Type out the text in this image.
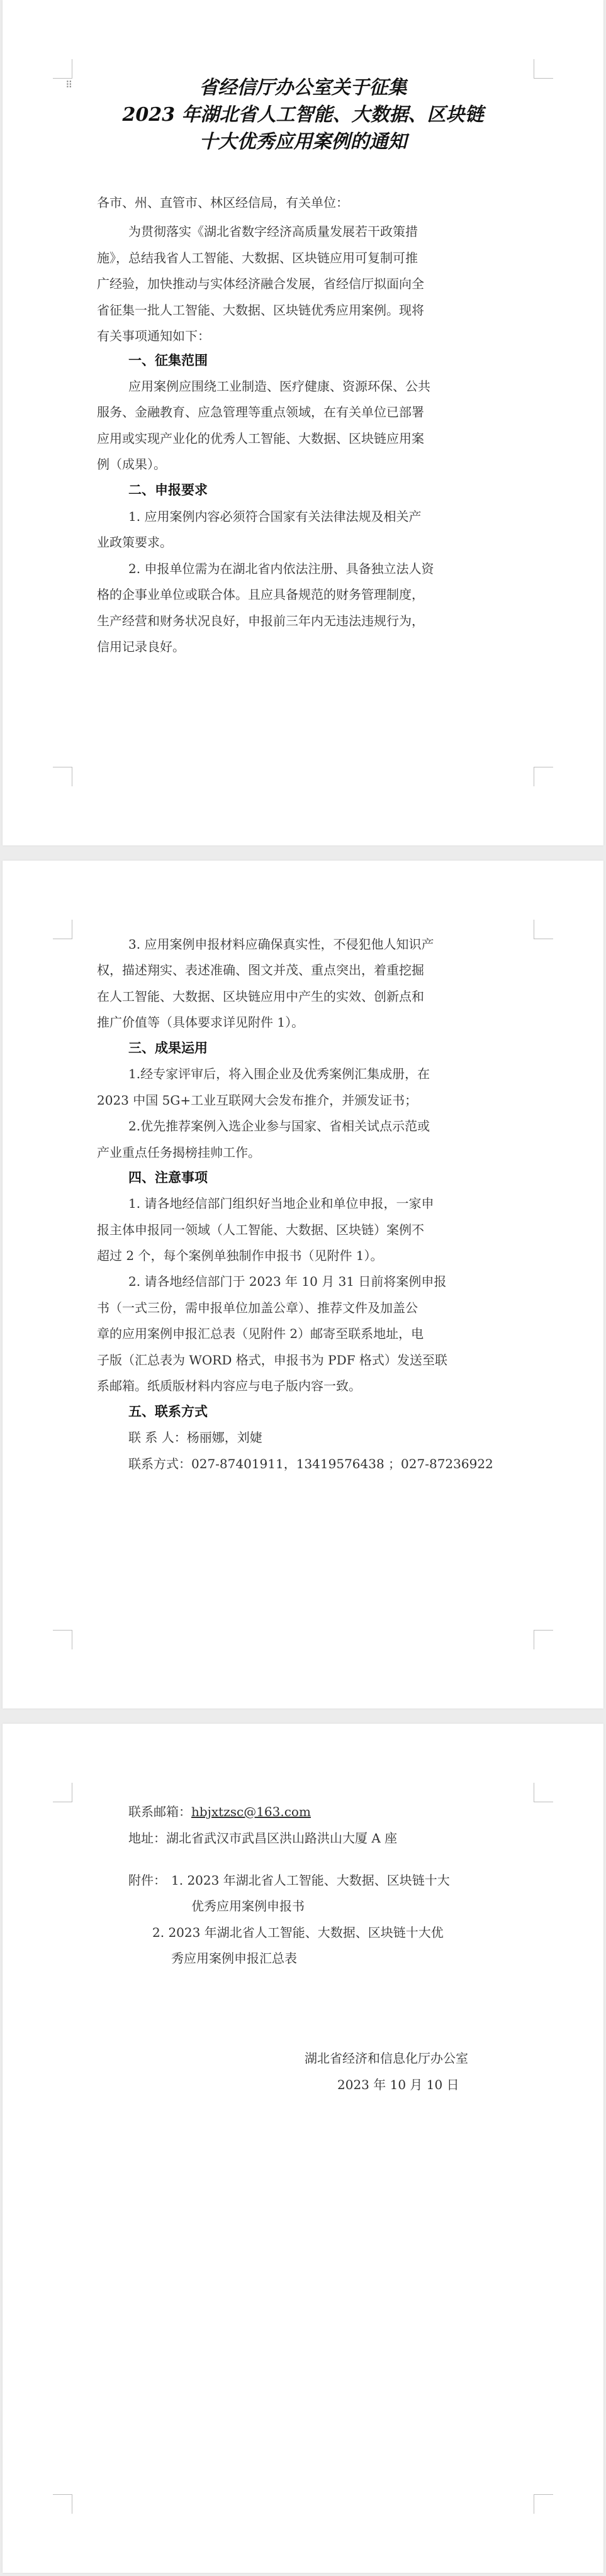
⠿	省经信厅办公室关于征集
2023 年湖北省人工智能、大数据、区块链
十大优秀应用案例的通知
各市、州、直管市、林区经信局，有关单位：
为贯彻落实《湖北省数字经济高质量发展若干政策措
施》，总结我省人工智能、大数据、区块链应用可复制可推
广经验，加快推动与实体经济融合发展，省经信厅拟面向全
省征集一批人工智能、大数据、区块链优秀应用案例。现将
有关事项通知如下：
一、征集范围
应用案例应围绕工业制造、医疗健康、资源环保、公共
服务、金融教育、应急管理等重点领域，在有关单位已部署
应用或实现产业化的优秀人工智能、大数据、区块链应用案
例（成果）。
二、申报要求
1. 应用案例内容必须符合国家有关法律法规及相关产
业政策要求。
2. 申报单位需为在湖北省内依法注册、具备独立法人资
格的企事业单位或联合体。且应具备规范的财务管理制度，
生产经营和财务状况良好，申报前三年内无违法违规行为，
信用记录良好。
3. 应用案例申报材料应确保真实性，不侵犯他人知识产
权，描述翔实、表述准确、图文并茂、重点突出，着重挖掘
在人工智能、大数据、区块链应用中产生的实效、创新点和
推广价值等（具体要求详见附件 1）。
三、成果运用
1.经专家评审后，将入围企业及优秀案例汇集成册，在
2023 中国 5G+工业互联网大会发布推介，并颁发证书；
2.优先推荐案例入选企业参与国家、省相关试点示范或
产业重点任务揭榜挂帅工作。
四、注意事项
1. 请各地经信部门组织好当地企业和单位申报，一家申
报主体申报同一领域（人工智能、大数据、区块链）案例不
超过 2 个，每个案例单独制作申报书（见附件 1）。
2. 请各地经信部门于 2023 年 10 月 31 日前将案例申报
书（一式三份，需申报单位加盖公章）、推荐文件及加盖公
章的应用案例申报汇总表（见附件 2）邮寄至联系地址，电
子版（汇总表为 WORD 格式，申报书为 PDF 格式）发送至联
系邮箱。纸质版材料内容应与电子版内容一致。
五、联系方式
联 系 人：杨丽娜，刘婕
联系方式：027-87401911，13419576438 ；027-87236922
联系邮箱：hbjxtzsc@163.com
地址：湖北省武汉市武昌区洪山路洪山大厦 A 座
附件： 1. 2023 年湖北省人工智能、大数据、区块链十大
优秀应用案例申报书
2. 2023 年湖北省人工智能、大数据、区块链十大优
秀应用案例申报汇总表
湖北省经济和信息化厅办公室
2023 年 10 月 10 日
